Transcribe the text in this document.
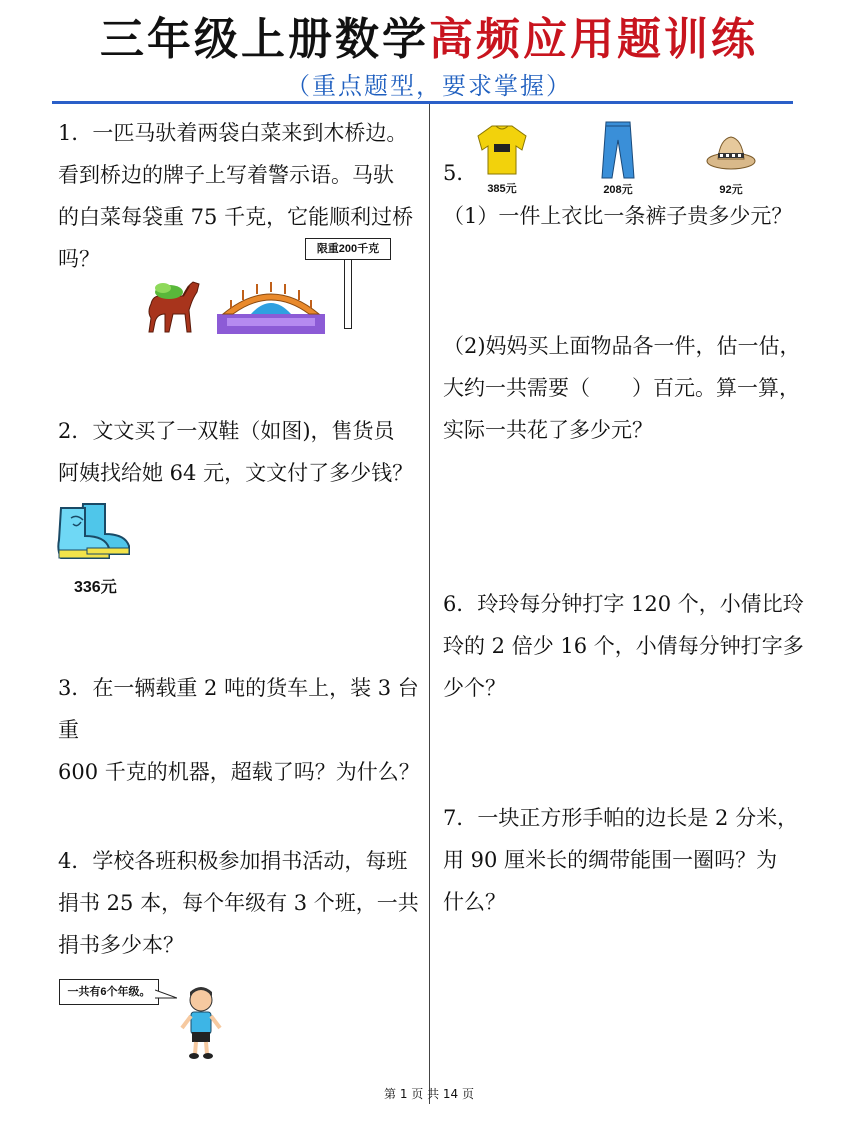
三年级上册数学高频应用题训练
（重点题型，要求掌握）
1．一匹马驮着两袋白菜来到木桥边。
看到桥边的牌子上写着警示语。马驮
的白菜每袋重 75 千克，它能顺利过桥
吗？	限重200千克
2．文文买了一双鞋（如图)，售货员
阿姨找给她 64 元，文文付了多少钱？
336元
3．在一辆载重 2 吨的货车上，装 3 台重
600 千克的机器，超载了吗？为什么？
4．学校各班积极参加捐书活动，每班
捐书 25 本，每个年级有 3 个班，一共
捐书多少本？
一共有6个年级。
5．
385元	208元	92元
（1）一件上衣比一条裤子贵多少元？
（2)妈妈买上面物品各一件，估一估，
大约一共需要（　　）百元。算一算，
实际一共花了多少元？
6．玲玲每分钟打字 120 个，小倩比玲
玲的 2 倍少 16 个，小倩每分钟打字多
少个？
7．一块正方形手帕的边长是 2 分米，
用 90 厘米长的绸带能围一圈吗？为
什么？
第 1 页 共 14 页
